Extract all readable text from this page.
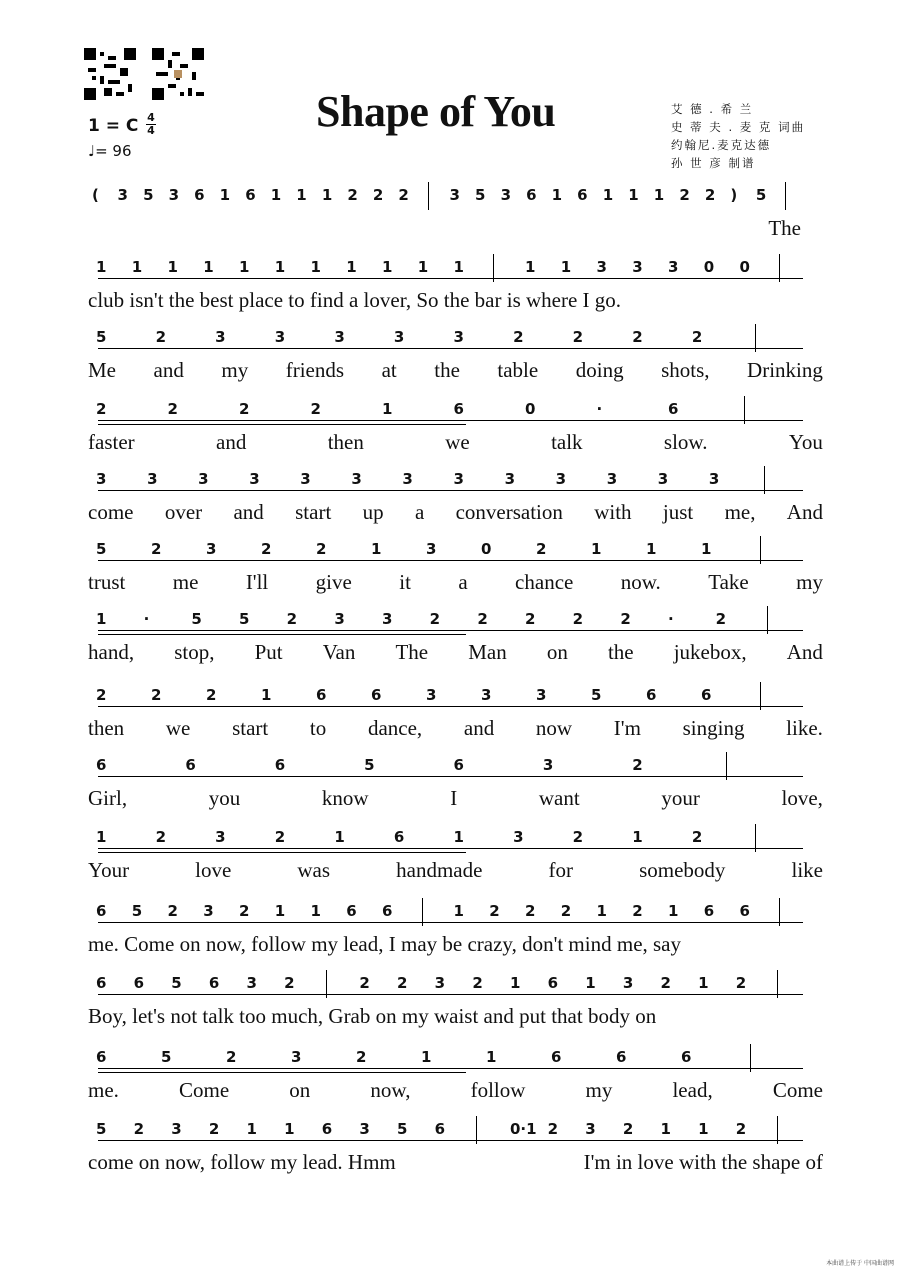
1 = C 4
4
♩= 96
Shape of You	艾 德 . 希 兰
史 蒂 夫 . 麦 克 词曲
约翰尼.麦克达德
孙 世 彦 制谱
( 3 5 3 6 1 6 1 1 1 2 2 2	3 5 3 6 1 6 1 1 1 2 2 ) 5
The
1 1 1 1 1 1 1 1 1 1 1	1 1 3 3 3 0 0
club isn't the best place to find a lover, So the bar is where I go.
5	2	3	3	3	3	3	2	2	2	2
Me and my friends at the table doing shots, Drinking
2	2	2	2	1	6	0	·	6
faster	and	then	we	talk	slow.	You
3	3	3	3	3	3	3	3	3	3	3	3	3
come over and start up a conversation with just me, And
5	2	3	2	2	1	3	0	2	1	1	1
trust me I'll give it a chance now. Take my
1 ·	5 5 2 3 3 2 2 2 2 2 ·	2
hand, stop, Put Van The Man on the jukebox, And
2	2	2	1	6	6	3	3	3	5	6	6
then we start to dance, and now I'm singing like.
6	6	6	5	6	3	2
Girl,	you	know	I	want	your	love,
1	2	3	2	1	6	1	3	2	1	2
Your	love	was	handmade	for	somebody	like
6 5 2 3 2 1 1 6 6	1 2 2 2 1 2 1 6 6
me. Come on now, follow my lead, I may be crazy, don't mind me, say
6 6 5 6 3 2	2 2 3 2 1 6 1 3 2 1 2
Boy, let's not talk too much, Grab on my waist and put that body on
6	5	2	3	2	1	1	6	6	6
me.	Come	on	now,	follow	my	lead,	Come
5 2 3 2 1 1 6 3 5 6	0·1 2 3 2 1 1 2
come on now, follow my lead. Hmm	I'm in love with the shape of
本曲谱上传于 中国曲谱网
